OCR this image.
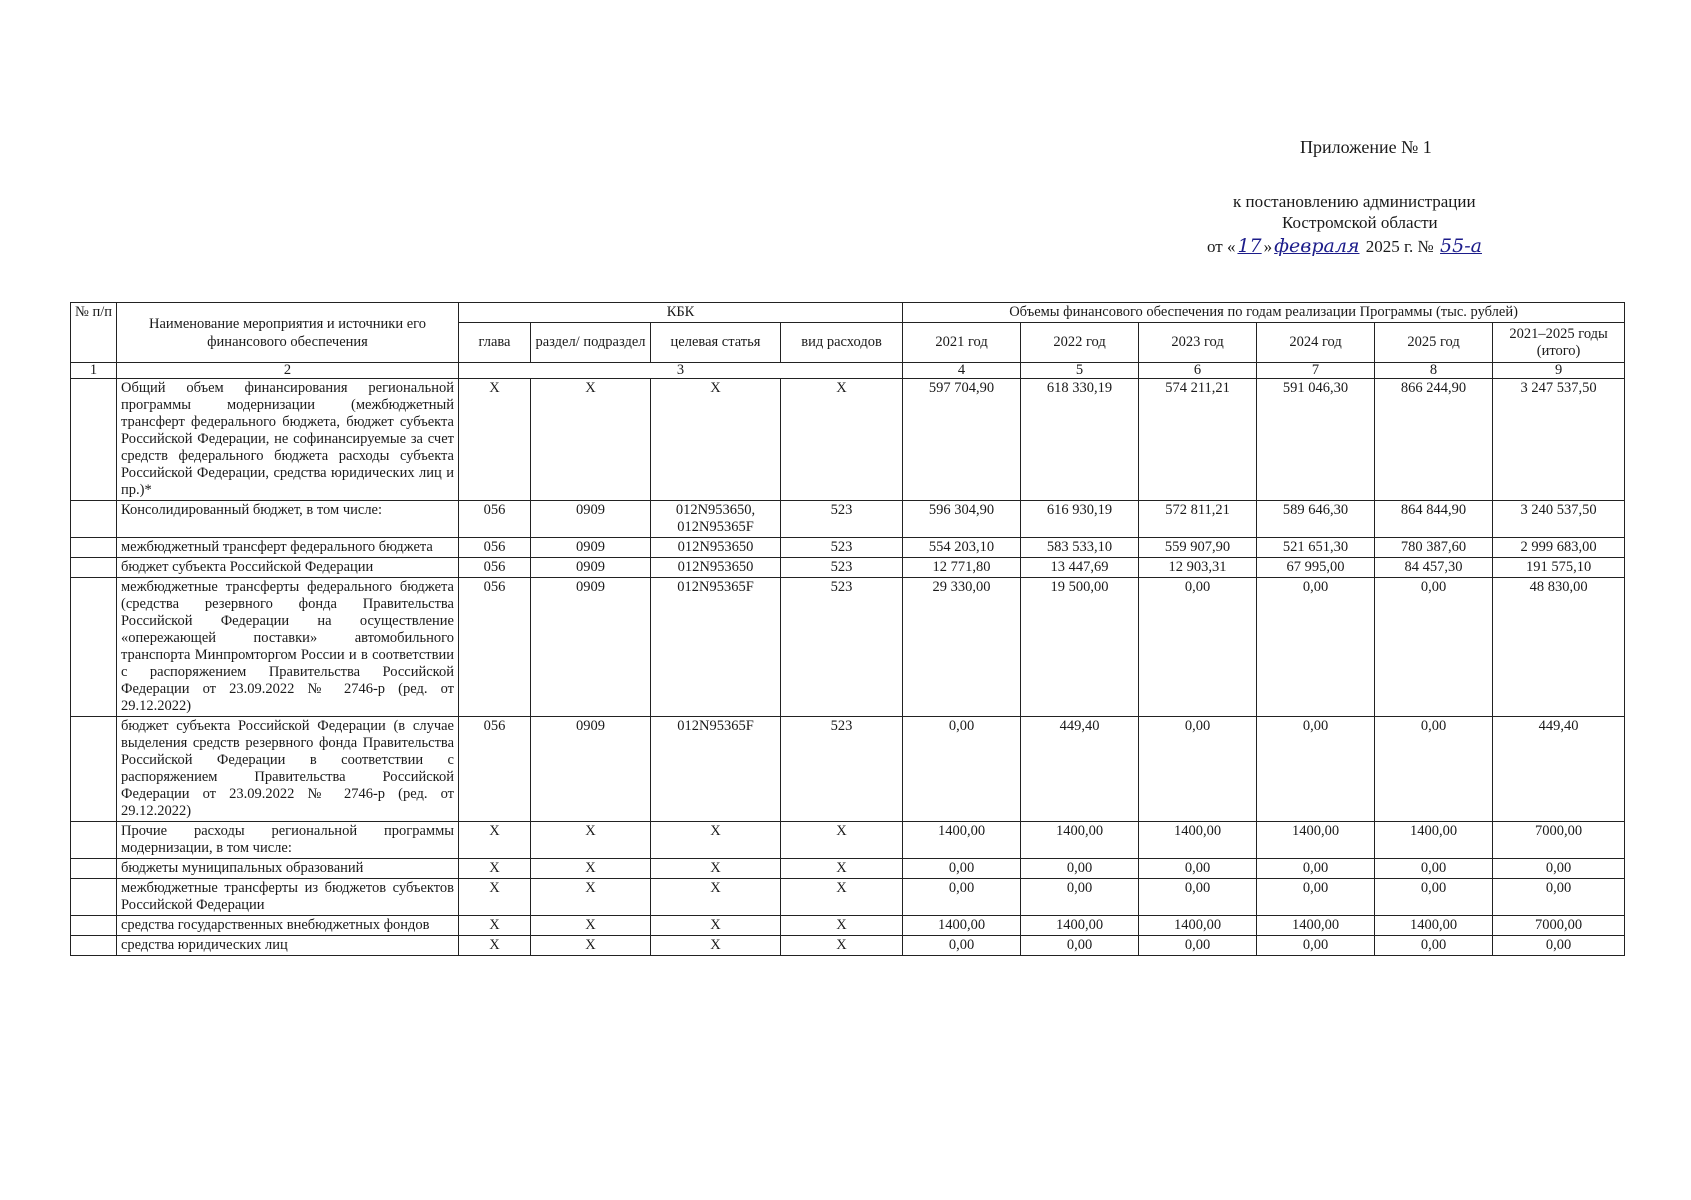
Приложение № 1
к постановлению администрации
Костромской области
от « 17 » февраля 2025 г. № 55-а
№ п/п	Наименование мероприятия и источники его финансового обеспечения	КБК				Объемы финансового обеспечения по годам реализации Программы (тыс. рублей)					
		глава	раздел/ подраздел	целевая статья	вид расходов	2021 год	2022 год	2023 год	2024 год	2025 год	2021–2025 годы (итого)
1	2	3				4	5	6	7	8	9
	Общий объем финансирования региональной программы модернизации (межбюджетный трансферт федерального бюджета, бюджет субъекта Российской Федерации, не софинансируемые за счет средств федерального бюджета расходы субъекта Российской Федерации, средства юридических лиц и пр.)*	X	X	X	X	597 704,90	618 330,19	574 211,21	591 046,30	866 244,90	3 247 537,50
	Консолидированный бюджет, в том числе:	056	0909	012N953650, 012N95365F	523	596 304,90	616 930,19	572 811,21	589 646,30	864 844,90	3 240 537,50
	межбюджетный трансферт федерального бюджета	056	0909	012N953650	523	554 203,10	583 533,10	559 907,90	521 651,30	780 387,60	2 999 683,00
	бюджет субъекта Российской Федерации	056	0909	012N953650	523	12 771,80	13 447,69	12 903,31	67 995,00	84 457,30	191 575,10
	межбюджетные трансферты федерального бюджета (средства резервного фонда Правительства Российской Федерации на осуществление «опережающей поставки» автомобильного транспорта Минпромторгом России и в соответствии с распоряжением Правительства Российской Федерации от 23.09.2022 № 2746-р (ред. от 29.12.2022)	056	0909	012N95365F	523	29 330,00	19 500,00	0,00	0,00	0,00	48 830,00
	бюджет субъекта Российской Федерации (в случае выделения средств резервного фонда Правительства Российской Федерации в соответствии с распоряжением Правительства Российской Федерации от 23.09.2022 № 2746-р (ред. от 29.12.2022)	056	0909	012N95365F	523	0,00	449,40	0,00	0,00	0,00	449,40
	Прочие расходы региональной программы модернизации, в том числе:	X	X	X	X	1400,00	1400,00	1400,00	1400,00	1400,00	7000,00
	бюджеты муниципальных образований	X	X	X	X	0,00	0,00	0,00	0,00	0,00	0,00
	межбюджетные трансферты из бюджетов субъектов Российской Федерации	X	X	X	X	0,00	0,00	0,00	0,00	0,00	0,00
	средства государственных внебюджетных фондов	X	X	X	X	1400,00	1400,00	1400,00	1400,00	1400,00	7000,00
	средства юридических лиц	X	X	X	X	0,00	0,00	0,00	0,00	0,00	0,00
